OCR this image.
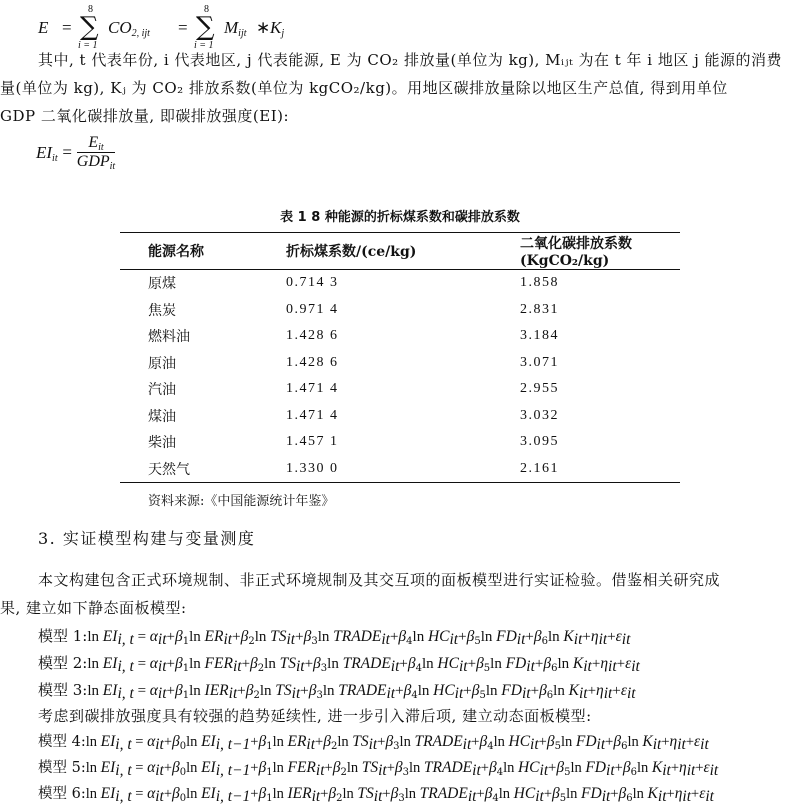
E =
8
∑
i = 1
$CO_{2, ijt}$ =
8
∑
i = 1
$M_{ijt}$ ∗ $K_j$
其中, t 代表年份, i 代表地区, j 代表能源, E 为 CO₂ 排放量(单位为 kg), Mᵢⱼₜ 为在 t 年 i 地区 j 能源的消费
量(单位为 kg), Kⱼ 为 CO₂ 排放系数(单位为 kgCO₂/kg)。用地区碳排放量除以地区生产总值, 得到用单位
GDP 二氧化碳排放量, 即碳排放强度(EI):
$EI_{it} = \frac{E_{it}}{GDP_{it}}$
表 1 8 种能源的折标煤系数和碳排放系数
能源名称	折标煤系数/(ce/kg)	二氧化碳排放系数(KgCO₂/kg)
原煤	0.714 3	1.858
焦炭	0.971 4	2.831
燃料油	1.428 6	3.184
原油	1.428 6	3.071
汽油	1.471 4	2.955
煤油	1.471 4	3.032
柴油	1.457 1	3.095
天然气	1.330 0	2.161
资料来源:《中国能源统计年鉴》
3. 实证模型构建与变量测度
本文构建包含正式环境规制、非正式环境规制及其交互项的面板模型进行实证检验。借鉴相关研究成
果, 建立如下静态面板模型:
模型 1:ln $EI_{i, t} = \alpha_{it}+\beta_1\ln$ $ER_{it}+\beta_2\ln$ $TS_{it}+\beta_3\ln$ $TRADE_{it}+\beta_4\ln$ $HC_{it}+\beta_5\ln$ $FD_{it}+\beta_6\ln$ $K_{it}+\eta_{it}+\varepsilon_{it}$
模型 2:ln $EI_{i, t} = \alpha_{it}+\beta_1\ln$ $FER_{it}+\beta_2\ln$ $TS_{it}+\beta_3\ln$ $TRADE_{it}+\beta_4\ln$ $HC_{it}+\beta_5\ln$ $FD_{it}+\beta_6\ln$ $K_{it}+\eta_{it}+\varepsilon_{it}$
模型 3:ln $EI_{i, t} = \alpha_{it}+\beta_1\ln$ $IER_{it}+\beta_2\ln$ $TS_{it}+\beta_3\ln$ $TRADE_{it}+\beta_4\ln$ $HC_{it}+\beta_5\ln$ $FD_{it}+\beta_6\ln$ $K_{it}+\eta_{it}+\varepsilon_{it}$
考虑到碳排放强度具有较强的趋势延续性, 进一步引入滞后项, 建立动态面板模型:
模型 4:ln $EI_{i, t} = \alpha_{it}+\beta_0\ln$ $EI_{i, t-1}+\beta_1\ln$ $ER_{it}+\beta_2\ln$ $TS_{it}+\beta_3\ln$ $TRADE_{it}+\beta_4\ln$ $HC_{it}+\beta_5\ln$ $FD_{it}+\beta_6\ln$ $K_{it}+\eta_{it}+\varepsilon_{it}$
模型 5:ln $EI_{i, t} = \alpha_{it}+\beta_0\ln$ $EI_{i, t-1}+\beta_1\ln$ $FER_{it}+\beta_2\ln$ $TS_{it}+\beta_3\ln$ $TRADE_{it}+\beta_4\ln$ $HC_{it}+\beta_5\ln$ $FD_{it}+\beta_6\ln$ $K_{it}+\eta_{it}+\varepsilon_{it}$
模型 6:ln $EI_{i, t} = \alpha_{it}+\beta_0\ln$ $EI_{i, t-1}+\beta_1\ln$ $IER_{it}+\beta_2\ln$ $TS_{it}+\beta_3\ln$ $TRADE_{it}+\beta_4\ln$ $HC_{it}+\beta_5\ln$ $FD_{it}+\beta_6\ln$ $K_{it}+\eta_{it}+\varepsilon_{it}$
